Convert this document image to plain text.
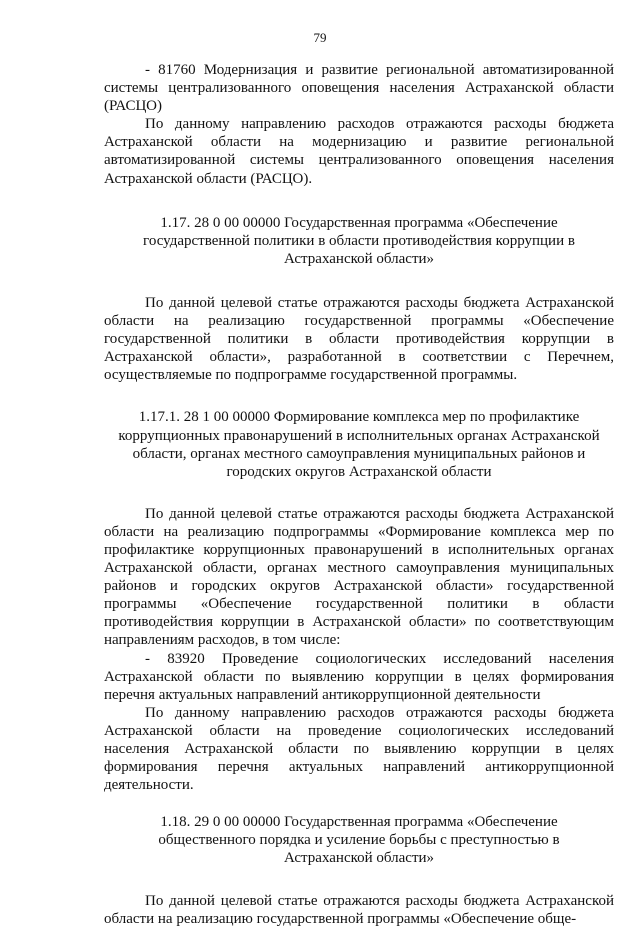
79

- 81760 Модернизация и развитие региональной автоматизированной системы централизованного оповещения населения Астраханской области (РАСЦО)

По данному направлению расходов отражаются расходы бюджета Астраханской области на модернизацию и развитие региональной автоматизированной системы централизованного оповещения населения Астраханской области (РАСЦО).

1.17. 28 0 00 00000 Государственная программа «Обеспечение государственной политики в области противодействия коррупции в Астраханской области»

По данной целевой статье отражаются расходы бюджета Астраханской области на реализацию государственной программы «Обеспечение государственной политики в области противодействия коррупции в Астраханской области», разработанной в соответствии с Перечнем, осуществляемые по подпрограмме государственной программы.

1.17.1. 28 1 00 00000 Формирование комплекса мер по профилактике коррупционных правонарушений в исполнительных органах Астраханской области, органах местного самоуправления муниципальных районов и городских округов Астраханской области

По данной целевой статье отражаются расходы бюджета Астраханской области на реализацию подпрограммы «Формирование комплекса мер по профилактике коррупционных правонарушений в исполнительных органах Астраханской области, органах местного самоуправления муниципальных районов и городских округов Астраханской области» государственной программы «Обеспечение государственной политики в области противодействия коррупции в Астраханской области» по соответствующим направлениям расходов, в том числе:

- 83920 Проведение социологических исследований населения Астраханской области по выявлению коррупции в целях формирования перечня актуальных направлений антикоррупционной деятельности

По данному направлению расходов отражаются расходы бюджета Астраханской области на проведение социологических исследований населения Астраханской области по выявлению коррупции в целях формирования перечня актуальных направлений антикоррупционной деятельности.

1.18. 29 0 00 00000 Государственная программа «Обеспечение общественного порядка и усиление борьбы с преступностью в Астраханской области»

По данной целевой статье отражаются расходы бюджета Астраханской области на реализацию государственной программы «Обеспечение обще-
